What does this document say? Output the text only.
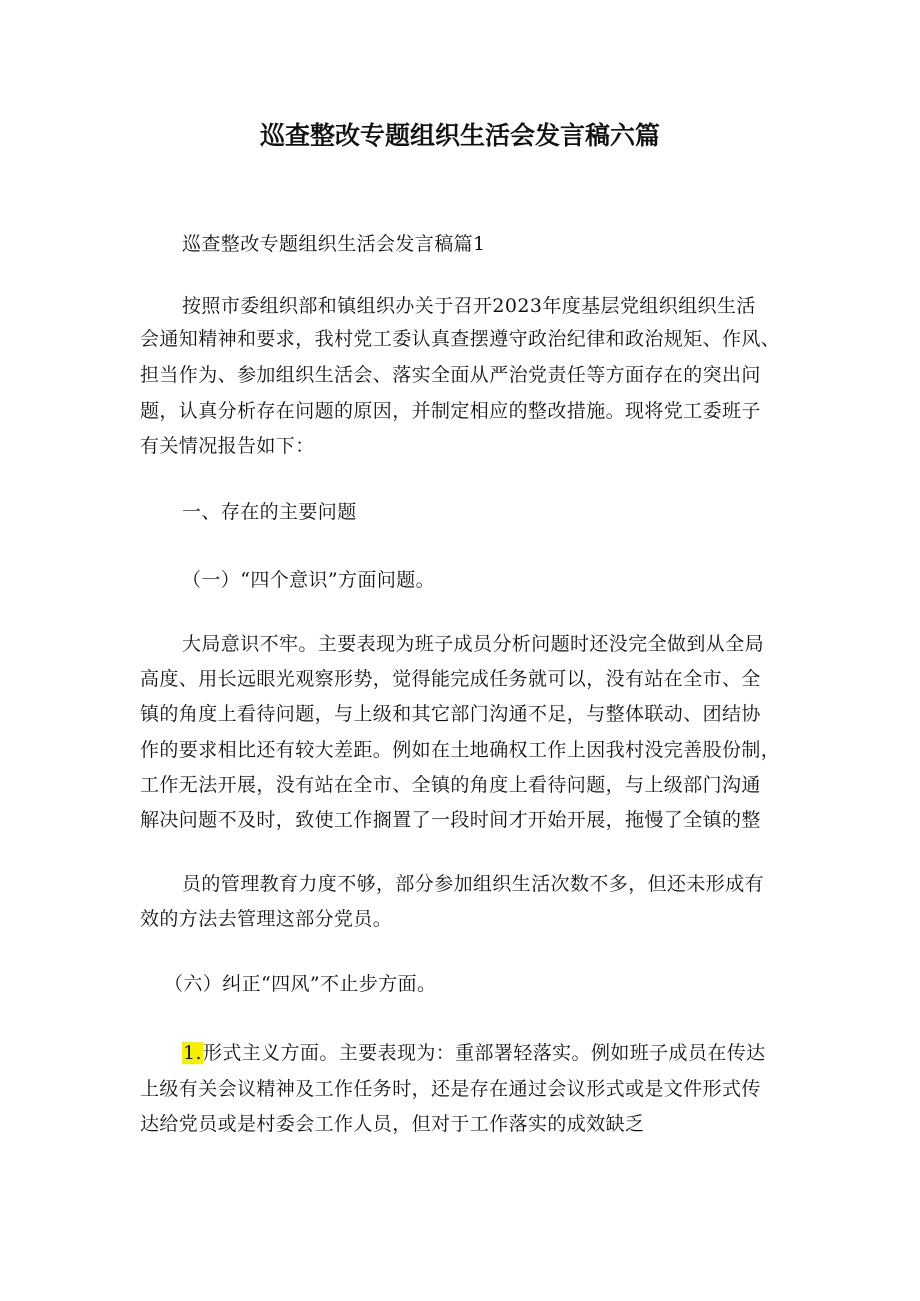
巡查整改专题组织生活会发言稿六篇
巡查整改专题组织生活会发言稿篇1
按照市委组织部和镇组织办关于召开2023年度基层党组织组织生活
会通知精神和要求，我村党工委认真查摆遵守政治纪律和政治规矩、作风、
担当作为、参加组织生活会、落实全面从严治党责任等方面存在的突出问
题，认真分析存在问题的原因，并制定相应的整改措施。现将党工委班子
有关情况报告如下：
一、存在的主要问题
（一）“四个意识”方面问题。
大局意识不牢。主要表现为班子成员分析问题时还没完全做到从全局
高度、用长远眼光观察形势，觉得能完成任务就可以，没有站在全市、全
镇的角度上看待问题，与上级和其它部门沟通不足，与整体联动、团结协
作的要求相比还有较大差距。例如在土地确权工作上因我村没完善股份制，
工作无法开展，没有站在全市、全镇的角度上看待问题，与上级部门沟通
解决问题不及时，致使工作搁置了一段时间才开始开展，拖慢了全镇的整
员的管理教育力度不够，部分参加组织生活次数不多，但还未形成有
效的方法去管理这部分党员。
（六）纠正“四风”不止步方面。
1.形式主义方面。主要表现为：重部署轻落实。例如班子成员在传达
上级有关会议精神及工作任务时，还是存在通过会议形式或是文件形式传
达给党员或是村委会工作人员，但对于工作落实的成效缺乏
